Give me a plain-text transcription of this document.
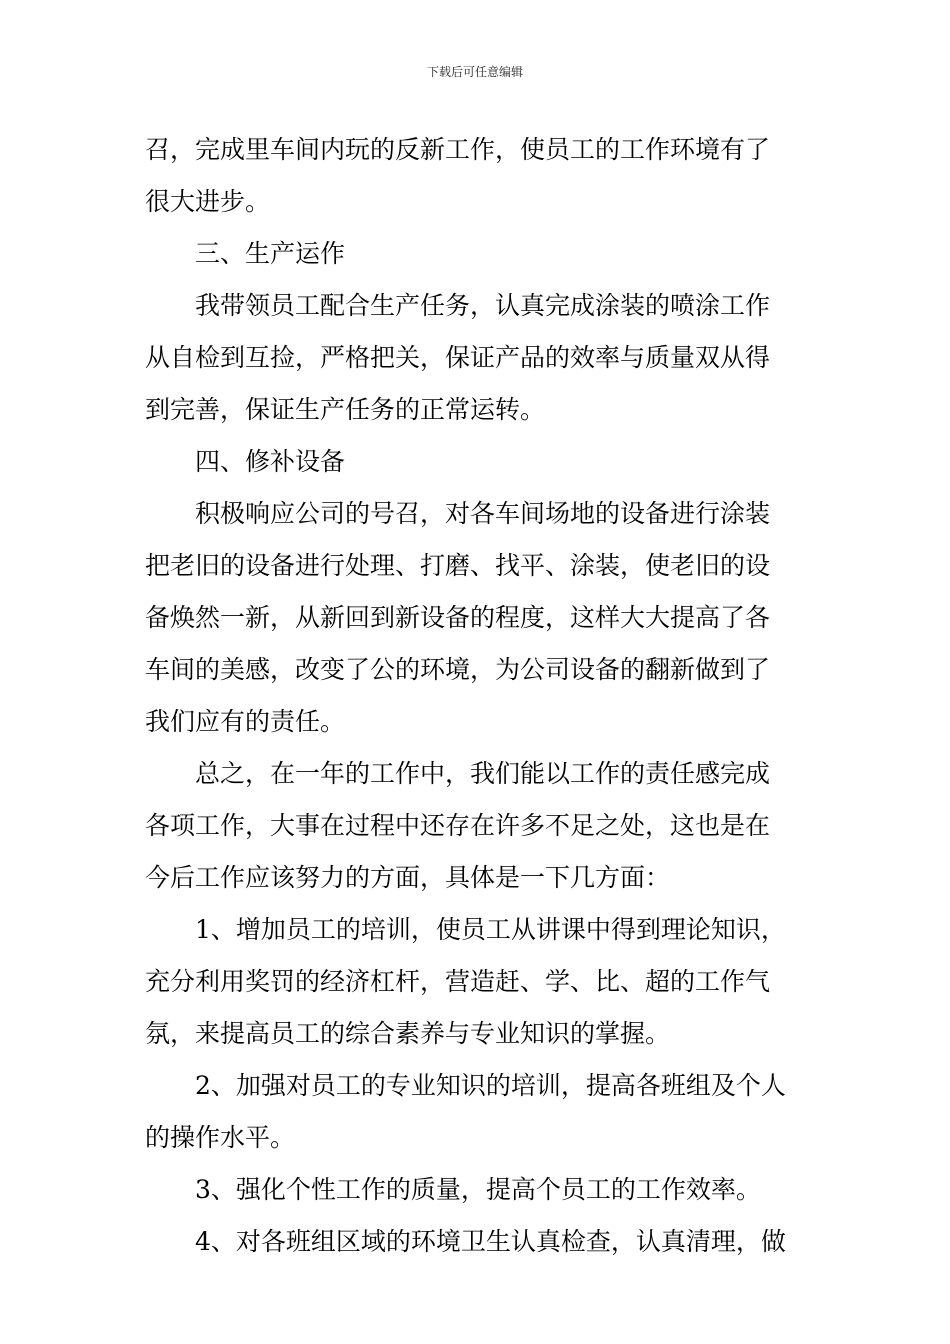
下载后可任意编辑
召，完成里车间内玩的反新工作，使员工的工作环境有了
很大进步。
三、生产运作
我带领员工配合生产任务，认真完成涂装的喷涂工作
从自检到互捡，严格把关，保证产品的效率与质量双从得
到完善，保证生产任务的正常运转。
四、修补设备
积极响应公司的号召，对各车间场地的设备进行涂装
把老旧的设备进行处理、打磨、找平、涂装，使老旧的设
备焕然一新，从新回到新设备的程度，这样大大提高了各
车间的美感，改变了公的环境，为公司设备的翻新做到了
我们应有的责任。
总之，在一年的工作中，我们能以工作的责任感完成
各项工作，大事在过程中还存在许多不足之处，这也是在
今后工作应该努力的方面，具体是一下几方面：
1、增加员工的培训，使员工从讲课中得到理论知识，
充分利用奖罚的经济杠杆，营造赶、学、比、超的工作气
氛，来提高员工的综合素养与专业知识的掌握。
2、加强对员工的专业知识的培训，提高各班组及个人
的操作水平。
3、强化个性工作的质量，提高个员工的工作效率。
4、对各班组区域的环境卫生认真检查，认真清理，做
